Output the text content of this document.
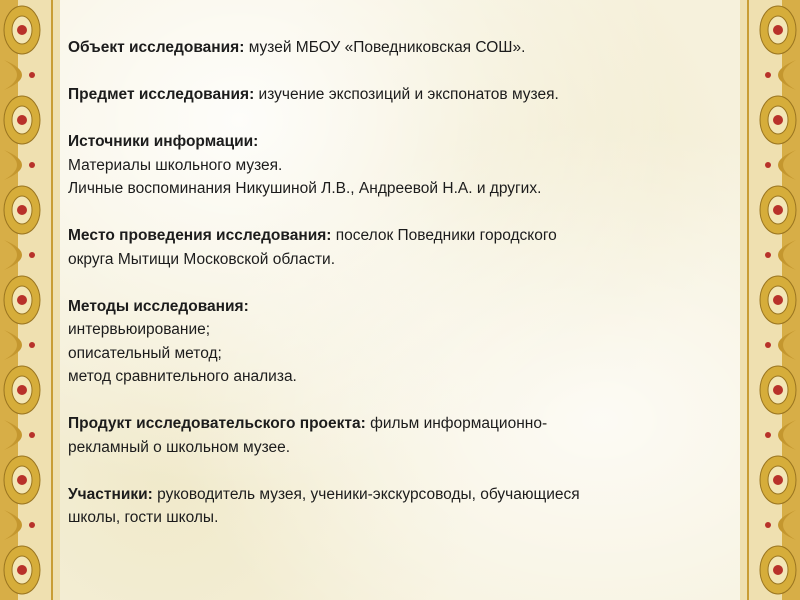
Объект исследования: музей МБОУ «Поведниковская СОШ».
Предмет исследования: изучение экспозиций и экспонатов музея.
Источники информации:
Материалы школьного музея.
Личные воспоминания Никушиной Л.В., Андреевой Н.А. и других.
Место проведения исследования: поселок Поведники городского
округа Мытищи Московской области.
Методы исследования:
интервьюирование;
описательный метод;
метод сравнительного анализа.
Продукт исследовательского проекта: фильм информационно-
рекламный о школьном музее.
Участники: руководитель музея, ученики-экскурсоводы, обучающиеся
школы, гости школы.
